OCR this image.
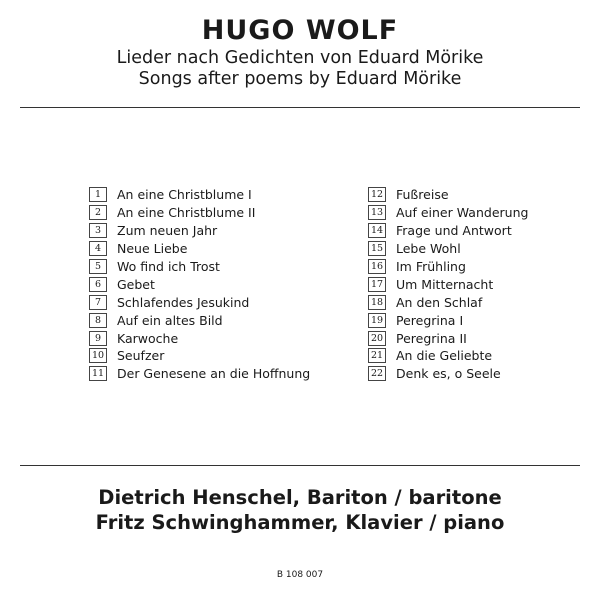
HUGO WOLF
Lieder nach Gedichten von Eduard Mörike
Songs after poems by Eduard Mörike
1	An eine Christblume I
2	An eine Christblume II
3	Zum neuen Jahr
4	Neue Liebe
5	Wo find ich Trost
6	Gebet
7	Schlafendes Jesukind
8	Auf ein altes Bild
9	Karwoche
10 Seufzer
11 Der Genesene an die Hoffnung
12 Fußreise
13 Auf einer Wanderung
14 Frage und Antwort
15 Lebe Wohl
16 Im Frühling
17 Um Mitternacht
18 An den Schlaf
19 Peregrina I
20 Peregrina II
21 An die Geliebte
22 Denk es, o Seele
Dietrich Henschel, Bariton / baritone
Fritz Schwinghammer, Klavier / piano
B 108 007
